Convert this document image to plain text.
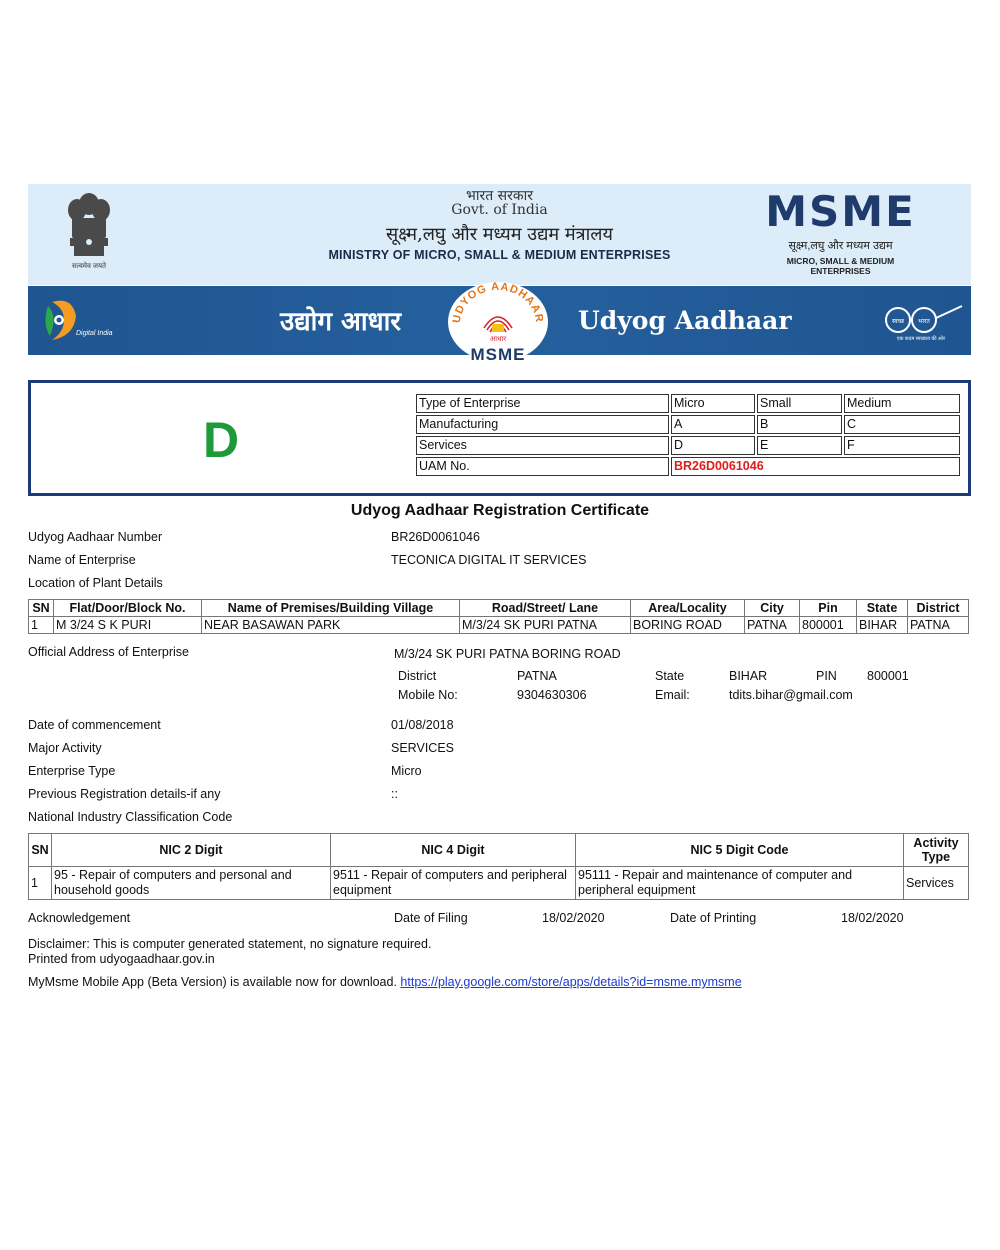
सत्यमेव जयते
भारत सरकार
Govt. of India
सूक्ष्म,लघु और मध्यम उद्यम मंत्रालय
MINISTRY OF MICRO, SMALL & MEDIUM ENTERPRISES
MSME
सूक्ष्म,लघु और मध्यम उद्यम
MICRO, SMALL & MEDIUM ENTERPRISES
Digital India	उद्योग आधार	UDYOG AADHAAR
आधार
MSME
Udyog Aadhaar	स्वच्छ भारत
एक कदम स्वच्छता की ओर
D
Type of Enterprise	Micro	Small	Medium
Manufacturing	A	B	C
Services	D	E	F
UAM No.	BR26D0061046		
Udyog Aadhaar Registration Certificate
Udyog Aadhaar Number	BR26D0061046
Name of Enterprise	TECONICA DIGITAL IT SERVICES
Location of Plant Details
SN	Flat/Door/Block No.	Name of Premises/Building Village	Road/Street/ Lane	Area/Locality	City	Pin	State	District
1	M 3/24 S K PURI	NEAR BASAWAN PARK	M/3/24 SK PURI PATNA	BORING ROAD	PATNA	800001	BIHAR	PATNA
Official Address of Enterprise	M/3/24 SK PURI PATNA BORING ROAD
District	PATNA	State	BIHAR	PIN 800001
Mobile No:	9304630306	Email:	tdits.bihar@gmail.com
Date of commencement	01/08/2018
Major Activity	SERVICES
Enterprise Type	Micro
Previous Registration details-if any	::
National Industry Classification Code
SN	NIC 2 Digit	NIC 4 Digit	NIC 5 Digit Code	Activity Type
1	95 - Repair of computers and personal and household goods	9511 - Repair of computers and peripheral equipment	95111 - Repair and maintenance of computer and peripheral equipment	Services
Acknowledgement	Date of Filing	18/02/2020	Date of Printing	18/02/2020
Disclaimer: This is computer generated statement, no signature required.
Printed from udyogaadhaar.gov.in
MyMsme Mobile App (Beta Version) is available now for download. https://play.google.com/store/apps/details?id=msme.mymsme
